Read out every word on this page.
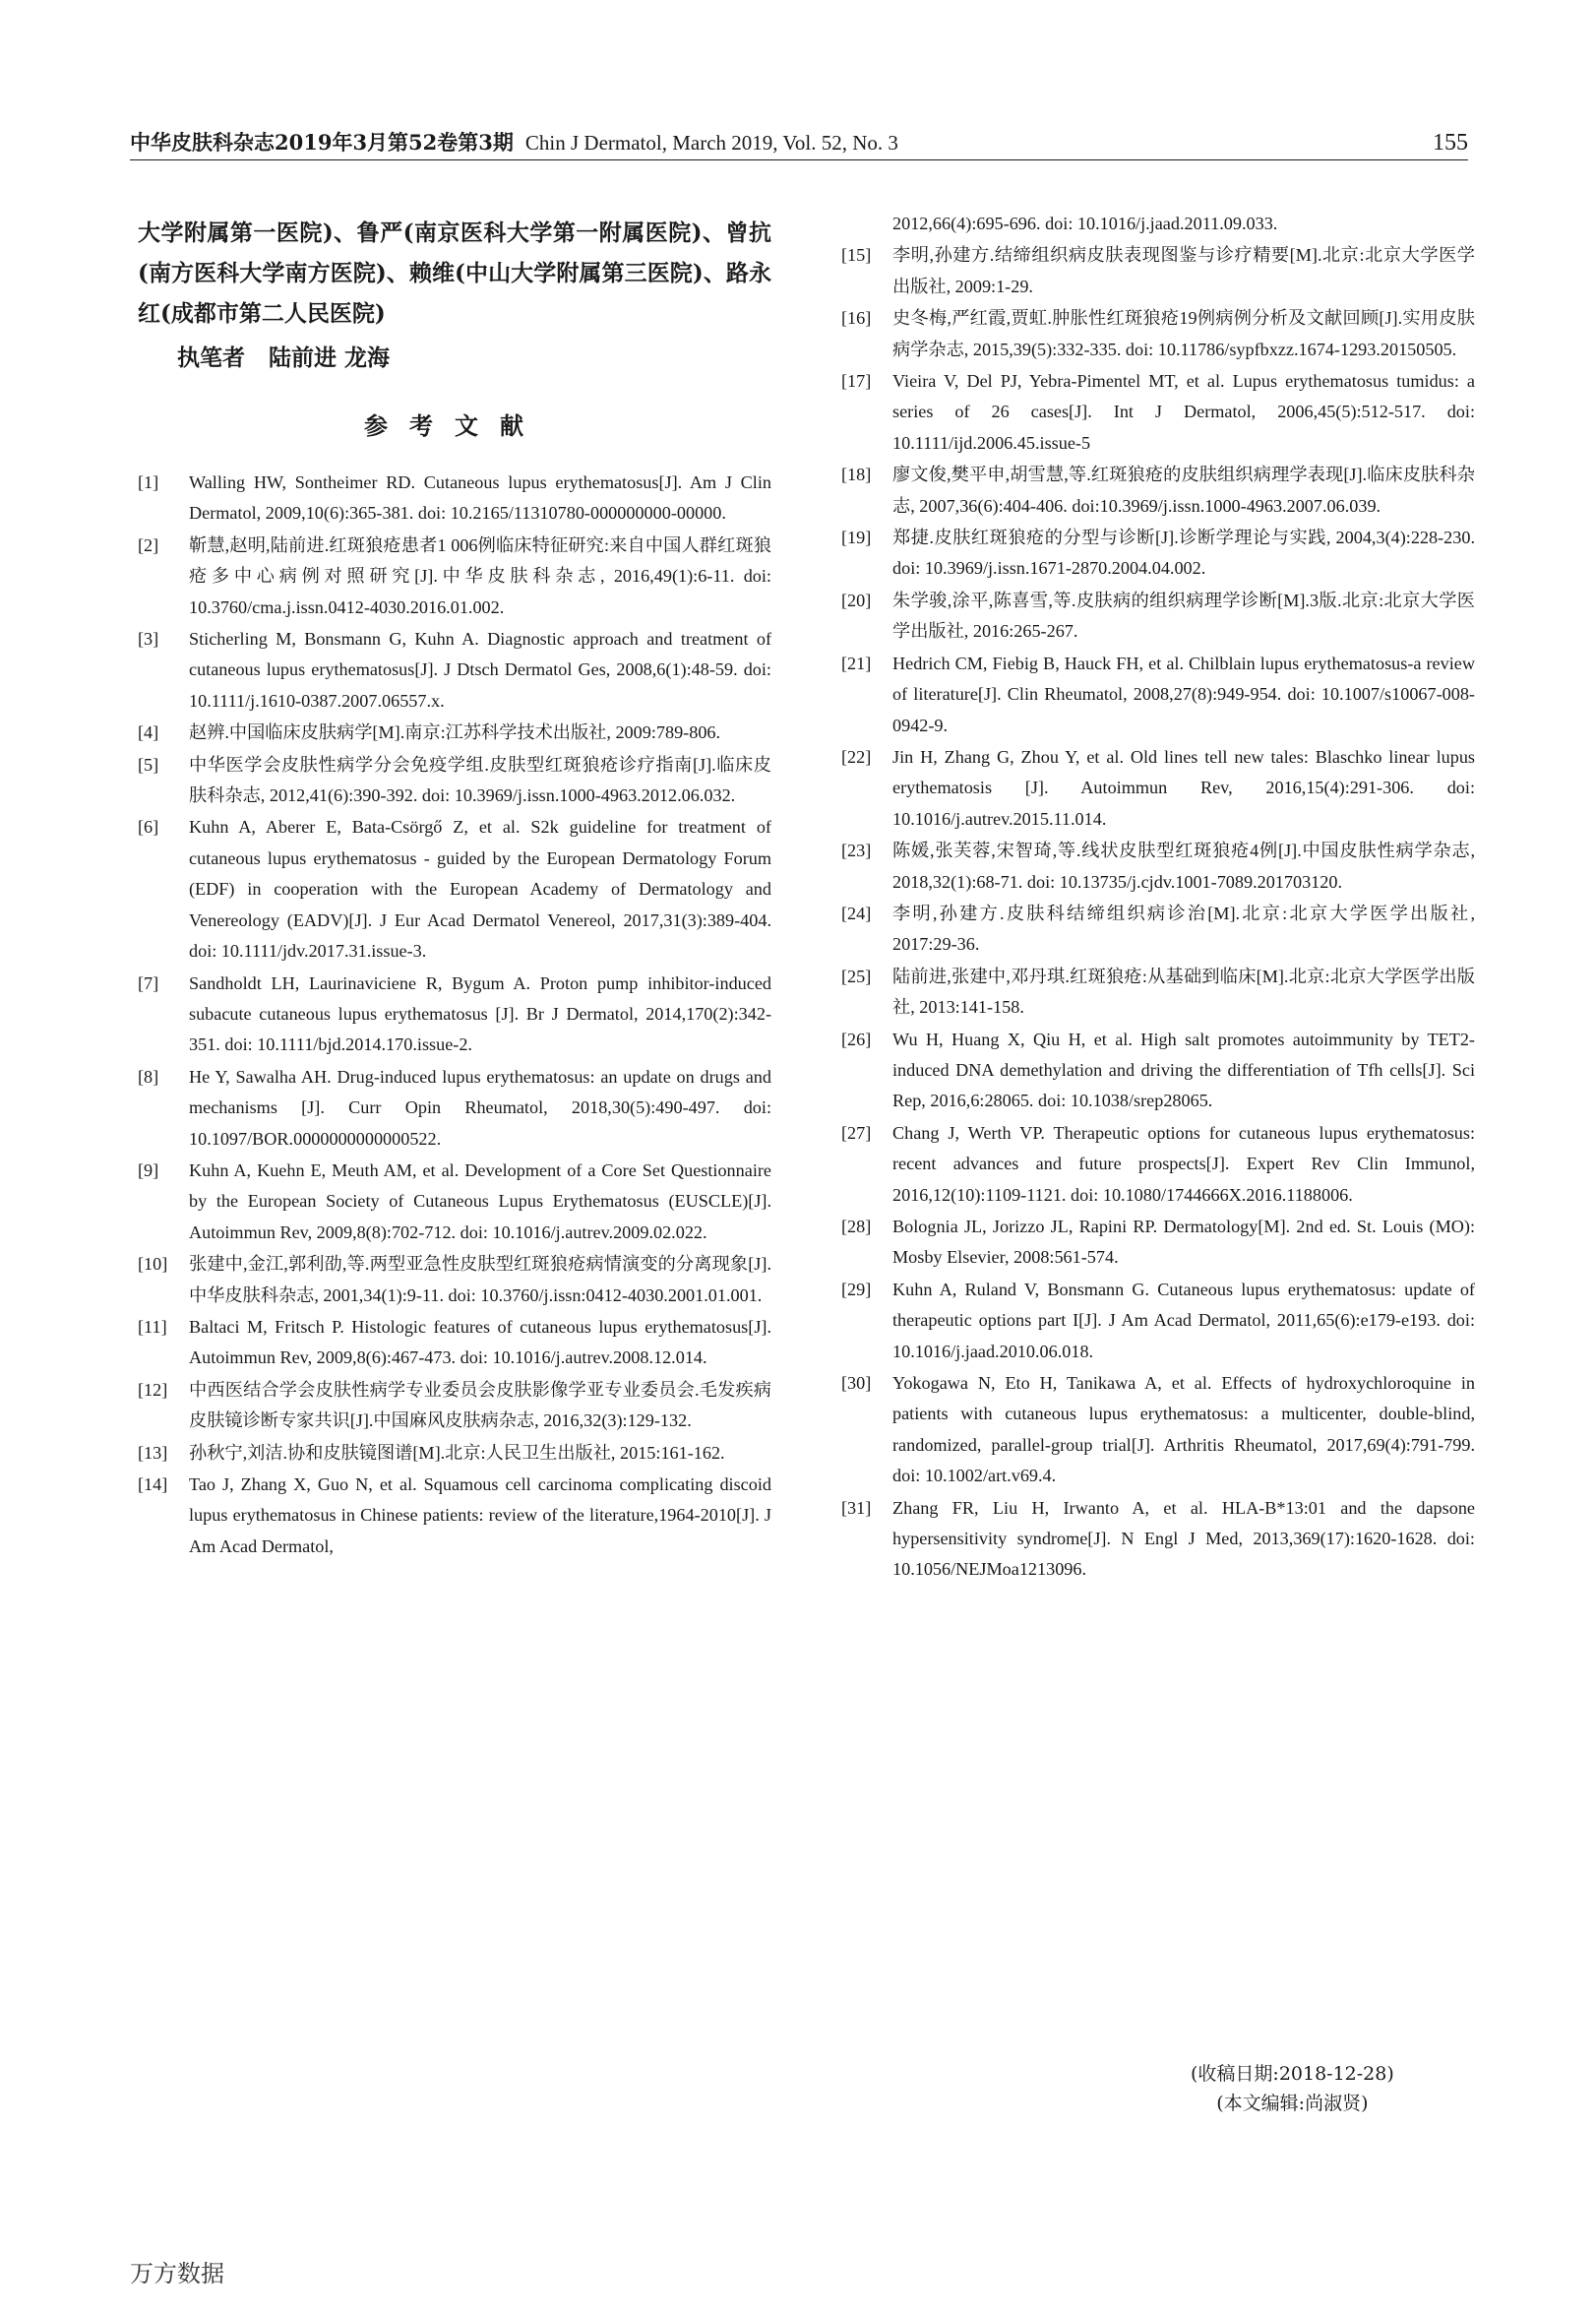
中华皮肤科杂志2019年3月第52卷第3期 Chin J Dermatol, March 2019, Vol. 52, No. 3	155

大学附属第一医院)、鲁严(南京医科大学第一附属医院)、曾抗(南方医科大学南方医院)、赖维(中山大学附属第三医院)、路永红(成都市第二人民医院)

执笔者 陆前进 龙海
参考文献
[1] Walling HW, Sontheimer RD. Cutaneous lupus erythematosus[J]. Am J Clin Dermatol, 2009,10(6):365-381. doi: 10.2165/11310780-000000000-00000.
[2] 靳慧,赵明,陆前进.红斑狼疮患者1 006例临床特征研究:来自中国人群红斑狼疮多中心病例对照研究[J].中华皮肤科杂志, 2016,49(1):6-11. doi: 10.3760/cma.j.issn.0412-4030.2016.01.002.
[3] Sticherling M, Bonsmann G, Kuhn A. Diagnostic approach and treatment of cutaneous lupus erythematosus[J]. J Dtsch Dermatol Ges, 2008,6(1):48-59. doi: 10.1111/j.1610-0387.2007.06557.x.
[4] 赵辨.中国临床皮肤病学[M].南京:江苏科学技术出版社, 2009:789-806.
[5] 中华医学会皮肤性病学分会免疫学组.皮肤型红斑狼疮诊疗指南[J].临床皮肤科杂志, 2012,41(6):390-392. doi: 10.3969/j.issn.1000-4963.2012.06.032.
[6] Kuhn A, Aberer E, Bata-Csörgő Z, et al. S2k guideline for treatment of cutaneous lupus erythematosus - guided by the European Dermatology Forum (EDF) in cooperation with the European Academy of Dermatology and Venereology (EADV)[J]. J Eur Acad Dermatol Venereol, 2017,31(3):389-404. doi: 10.1111/jdv.2017.31.issue-3.
[7] Sandholdt LH, Laurinaviciene R, Bygum A. Proton pump inhibitor-induced subacute cutaneous lupus erythematosus [J]. Br J Dermatol, 2014,170(2):342-351. doi: 10.1111/bjd.2014.170.issue-2.
[8] He Y, Sawalha AH. Drug-induced lupus erythematosus: an update on drugs and mechanisms [J]. Curr Opin Rheumatol, 2018,30(5):490-497. doi: 10.1097/BOR.0000000000000522.
[9] Kuhn A, Kuehn E, Meuth AM, et al. Development of a Core Set Questionnaire by the European Society of Cutaneous Lupus Erythematosus (EUSCLE)[J]. Autoimmun Rev, 2009,8(8):702-712. doi: 10.1016/j.autrev.2009.02.022.
[10] 张建中,金江,郭利劭,等.两型亚急性皮肤型红斑狼疮病情演变的分离现象[J].中华皮肤科杂志, 2001,34(1):9-11. doi: 10.3760/j.issn:0412-4030.2001.01.001.
[11] Baltaci M, Fritsch P. Histologic features of cutaneous lupus erythematosus[J]. Autoimmun Rev, 2009,8(6):467-473. doi: 10.1016/j.autrev.2008.12.014.
[12] 中西医结合学会皮肤性病学专业委员会皮肤影像学亚专业委员会.毛发疾病皮肤镜诊断专家共识[J].中国麻风皮肤病杂志, 2016,32(3):129-132.
[13] 孙秋宁,刘洁.协和皮肤镜图谱[M].北京:人民卫生出版社, 2015:161-162.
[14] Tao J, Zhang X, Guo N, et al. Squamous cell carcinoma complicating discoid lupus erythematosus in Chinese patients: review of the literature,1964-2010[J]. J Am Acad Dermatol,
2012,66(4):695-696. doi: 10.1016/j.jaad.2011.09.033.
[15] 李明,孙建方.结缔组织病皮肤表现图鉴与诊疗精要[M].北京:北京大学医学出版社, 2009:1-29.
[16] 史冬梅,严红霞,贾虹.肿胀性红斑狼疮19例病例分析及文献回顾[J].实用皮肤病学杂志, 2015,39(5):332-335. doi: 10.11786/sypfbxzz.1674-1293.20150505.
[17] Vieira V, Del PJ, Yebra-Pimentel MT, et al. Lupus erythematosus tumidus: a series of 26 cases[J]. Int J Dermatol, 2006,45(5):512-517. doi: 10.1111/ijd.2006.45.issue-5
[18] 廖文俊,樊平申,胡雪慧,等.红斑狼疮的皮肤组织病理学表现[J].临床皮肤科杂志, 2007,36(6):404-406. doi:10.3969/j.issn.1000-4963.2007.06.039.
[19] 郑捷.皮肤红斑狼疮的分型与诊断[J].诊断学理论与实践, 2004,3(4):228-230. doi: 10.3969/j.issn.1671-2870.2004.04.002.
[20] 朱学骏,涂平,陈喜雪,等.皮肤病的组织病理学诊断[M].3版.北京:北京大学医学出版社, 2016:265-267.
[21] Hedrich CM, Fiebig B, Hauck FH, et al. Chilblain lupus erythematosus-a review of literature[J]. Clin Rheumatol, 2008,27(8):949-954. doi: 10.1007/s10067-008-0942-9.
[22] Jin H, Zhang G, Zhou Y, et al. Old lines tell new tales: Blaschko linear lupus erythematosis [J]. Autoimmun Rev, 2016,15(4):291-306. doi: 10.1016/j.autrev.2015.11.014.
[23] 陈媛,张芙蓉,宋智琦,等.线状皮肤型红斑狼疮4例[J].中国皮肤性病学杂志, 2018,32(1):68-71. doi: 10.13735/j.cjdv.1001-7089.201703120.
[24] 李明,孙建方.皮肤科结缔组织病诊治[M].北京:北京大学医学出版社, 2017:29-36.
[25] 陆前进,张建中,邓丹琪.红斑狼疮:从基础到临床[M].北京:北京大学医学出版社, 2013:141-158.
[26] Wu H, Huang X, Qiu H, et al. High salt promotes autoimmunity by TET2-induced DNA demethylation and driving the differentiation of Tfh cells[J]. Sci Rep, 2016,6:28065. doi: 10.1038/srep28065.
[27] Chang J, Werth VP. Therapeutic options for cutaneous lupus erythematosus: recent advances and future prospects[J]. Expert Rev Clin Immunol, 2016,12(10):1109-1121. doi: 10.1080/1744666X.2016.1188006.
[28] Bolognia JL, Jorizzo JL, Rapini RP. Dermatology[M]. 2nd ed. St. Louis (MO): Mosby Elsevier, 2008:561-574.
[29] Kuhn A, Ruland V, Bonsmann G. Cutaneous lupus erythematosus: update of therapeutic options part I[J]. J Am Acad Dermatol, 2011,65(6):e179-e193. doi: 10.1016/j.jaad.2010.06.018.
[30] Yokogawa N, Eto H, Tanikawa A, et al. Effects of hydroxychloroquine in patients with cutaneous lupus erythematosus: a multicenter, double-blind, randomized, parallel-group trial[J]. Arthritis Rheumatol, 2017,69(4):791-799. doi: 10.1002/art.v69.4.
[31] Zhang FR, Liu H, Irwanto A, et al. HLA-B*13:01 and the dapsone hypersensitivity syndrome[J]. N Engl J Med, 2013,369(17):1620-1628. doi: 10.1056/NEJMoa1213096.
(收稿日期:2018-12-28)
(本文编辑:尚淑贤)
万方数据
